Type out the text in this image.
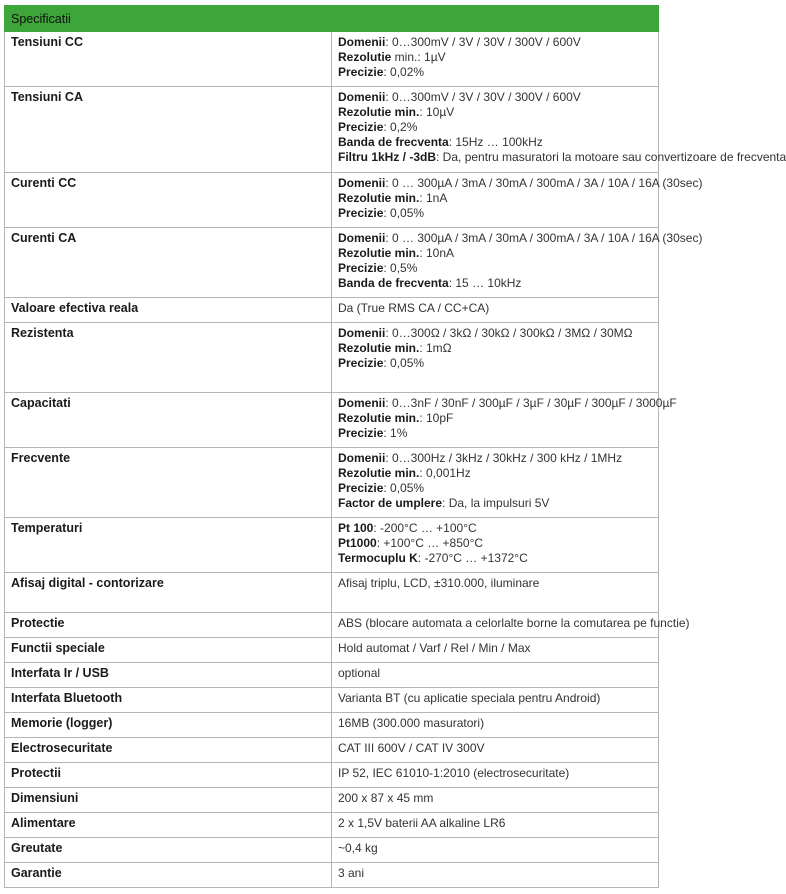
Specificatii	
Tensiuni CC	Domenii: 0…300mV / 3V / 30V / 300V / 600V
Rezolutie min.: 1µV
Precizie: 0,02%

Tensiuni CA	Domenii: 0…300mV / 3V / 30V / 300V / 600V
Rezolutie min.: 10µV
Precizie: 0,2%
Banda de frecventa: 15Hz … 100kHz
Filtru 1kHz / -3dB: Da, pentru masuratori la motoare sau convertizoare de frecventa

Curenti CC	Domenii: 0 … 300µA / 3mA / 30mA / 300mA / 3A / 10A / 16A (30sec)
Rezolutie min.: 1nA
Precizie: 0,05%

Curenti CA	Domenii: 0 … 300µA / 3mA / 30mA / 300mA / 3A / 10A / 16A (30sec)
Rezolutie min.: 10nA
Precizie: 0,5%
Banda de frecventa: 15 … 10kHz

Valoare efectiva reala	Da (True RMS CA / CC+CA)

Rezistenta	Domenii: 0…300Ω / 3kΩ / 30kΩ / 300kΩ / 3MΩ / 30MΩ
Rezolutie min.: 1mΩ
Precizie: 0,05%

Capacitati	Domenii: 0…3nF / 30nF / 300µF / 3µF / 30µF / 300µF / 3000µF
Rezolutie min.: 10pF
Precizie: 1%

Frecvente	Domenii: 0…300Hz / 3kHz / 30kHz / 300 kHz / 1MHz
Rezolutie min.: 0,001Hz
Precizie: 0,05%
Factor de umplere: Da, la impulsuri 5V

Temperaturi	Pt 100: -200°C … +100°C
Pt1000: +100°C … +850°C
Termocuplu K: -270°C … +1372°C

Afisaj digital - contorizare	Afisaj triplu, LCD, ±310.000, iluminare

Protectie	ABS (blocare automata a celorlalte borne la comutarea pe functie)

Functii speciale	Hold automat / Varf / Rel / Min / Max

Interfata Ir / USB	optional

Interfata Bluetooth	Varianta BT (cu aplicatie speciala pentru Android)

Memorie (logger)	16MB (300.000 masuratori)

Electrosecuritate	CAT III 600V / CAT IV 300V

Protectii	IP 52, IEC 61010-1:2010 (electrosecuritate)

Dimensiuni	200 x 87 x 45 mm

Alimentare	2 x 1,5V baterii AA alkaline LR6

Greutate	~0,4 kg

Garantie	3 ani
